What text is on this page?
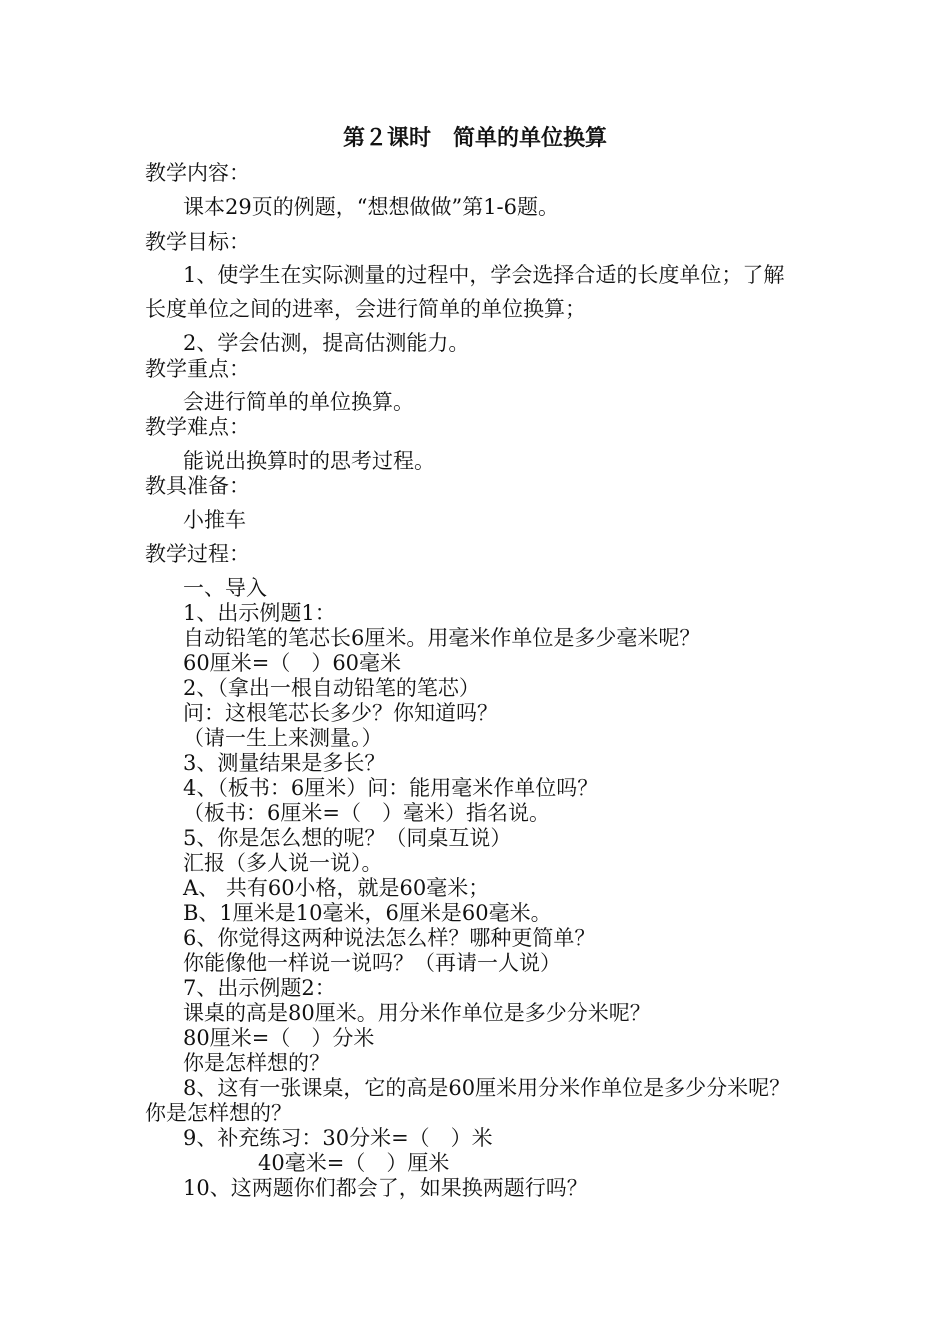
第２课时　简单的单位换算
教学内容：
课本29页的例题，“想想做做”第1-6题。
教学目标：
1、使学生在实际测量的过程中，学会选择合适的长度单位；了解
长度单位之间的进率，会进行简单的单位换算；
2、学会估测，提高估测能力。
教学重点：
会进行简单的单位换算。
教学难点：
能说出换算时的思考过程。
教具准备：
小推车
教学过程：
一、导入
1、出示例题1：
自动铅笔的笔芯长6厘米。用毫米作单位是多少毫米呢？
60厘米=（　）60毫米
2、（拿出一根自动铅笔的笔芯）
问：这根笔芯长多少？你知道吗？
（请一生上来测量。）
3、测量结果是多长？
4、（板书：6厘米）问：能用毫米作单位吗？
（板书：6厘米=（　）毫米）指名说。
5、你是怎么想的呢？（同桌互说）
汇报（多人说一说）。
A、 共有60小格，就是60毫米；
B、1厘米是10毫米，6厘米是60毫米。
6、你觉得这两种说法怎么样？哪种更简单？
你能像他一样说一说吗？（再请一人说）
7、出示例题2：
课桌的高是80厘米。用分米作单位是多少分米呢？
80厘米=（　）分米
你是怎样想的？
8、这有一张课桌，它的高是60厘米用分米作单位是多少分米呢？
你是怎样想的？
9、补充练习：30分米=（　）米
40毫米=（　）厘米
10、这两题你们都会了，如果换两题行吗？
